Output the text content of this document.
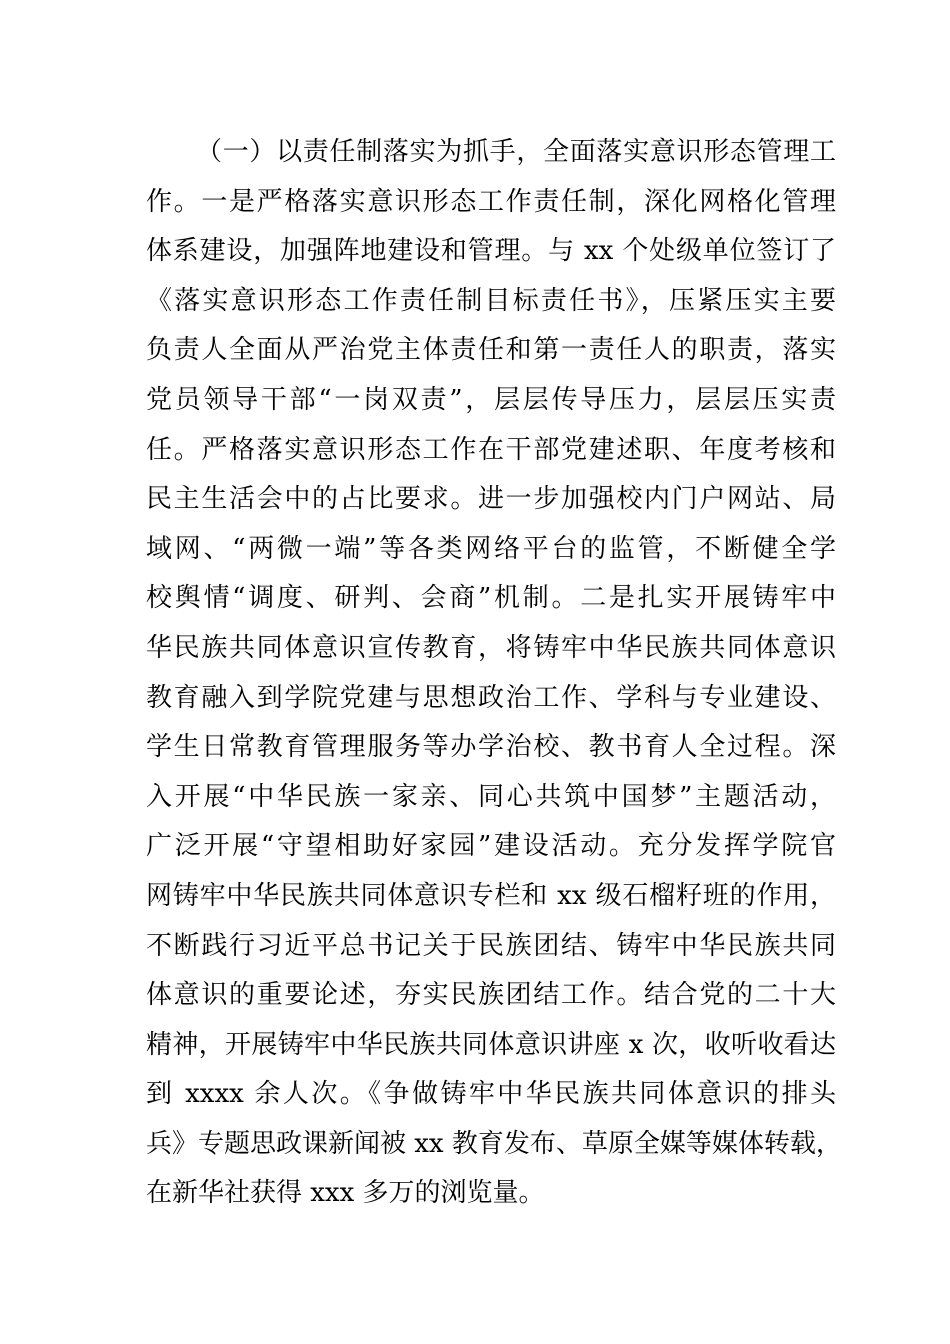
（一）以责任制落实为抓手，全面落实意识形态管理工
作。一是严格落实意识形态工作责任制，深化网格化管理
体系建设，加强阵地建设和管理。与 xx 个处级单位签订了
《落实意识形态工作责任制目标责任书》，压紧压实主要
负责人全面从严治党主体责任和第一责任人的职责，落实
党员领导干部“一岗双责”，层层传导压力，层层压实责
任。严格落实意识形态工作在干部党建述职、年度考核和
民主生活会中的占比要求。进一步加强校内门户网站、局
域网、“两微一端”等各类网络平台的监管，不断健全学
校舆情“调度、研判、会商”机制。二是扎实开展铸牢中
华民族共同体意识宣传教育，将铸牢中华民族共同体意识
教育融入到学院党建与思想政治工作、学科与专业建设、
学生日常教育管理服务等办学治校、教书育人全过程。深
入开展“中华民族一家亲、同心共筑中国梦”主题活动，
广泛开展“守望相助好家园”建设活动。充分发挥学院官
网铸牢中华民族共同体意识专栏和 xx 级石榴籽班的作用，
不断践行习近平总书记关于民族团结、铸牢中华民族共同
体意识的重要论述，夯实民族团结工作。结合党的二十大
精神，开展铸牢中华民族共同体意识讲座 x 次，收听收看达
到 xxxx 余人次。《争做铸牢中华民族共同体意识的排头
兵》专题思政课新闻被 xx 教育发布、草原全媒等媒体转载，
在新华社获得 xxx 多万的浏览量。
